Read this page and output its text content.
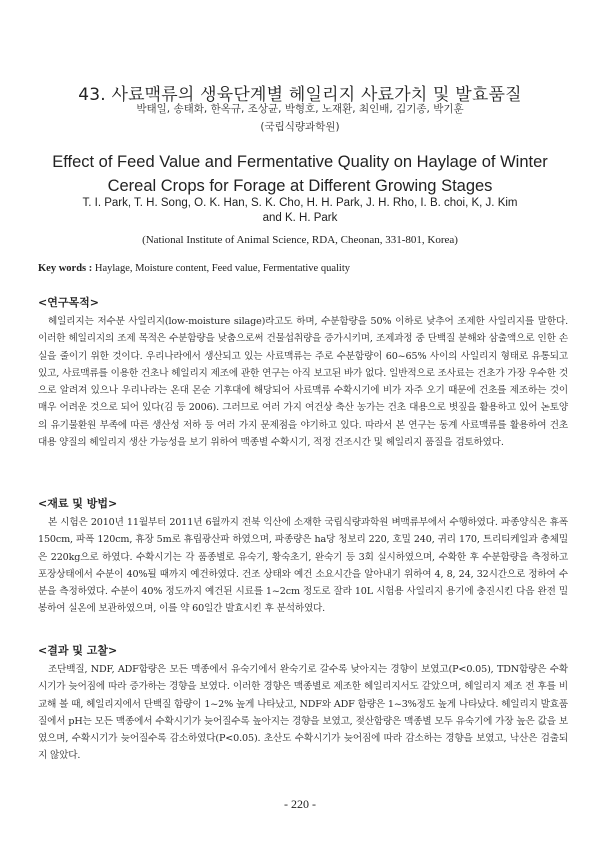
43. 사료맥류의 생육단계별 헤일리지 사료가치 및 발효품질
박태일, 송태화, 한옥규, 조상균, 박형호, 노재환, 최인배, 김기종, 박기훈
(국립식량과학원)
Effect of Feed Value and Fermentative Quality on Haylage of Winter
Cereal Crops for Forage at Different Growing Stages
T. I. Park, T. H. Song, O. K. Han, S. K. Cho, H. H. Park, J. H. Rho, I. B. choi, K, J. Kim
and K. H. Park
(National Institute of Animal Science, RDA, Cheonan, 331-801, Korea)
Key words : Haylage, Moisture content, Feed value, Fermentative quality
<연구목적>

헤일리지는 저수분 사일리지(low-moisture silage)라고도 하며, 수분함량을 50% 이하로 낮추어 조제한 사일리지를 말한다. 이러한 헤일리지의 조제 목적은 수분함량을 낮춤으로써 건물섭취량을 증가시키며, 조제과정 중 단백질 분해와 삼출액으로 인한 손실을 줄이기 위한 것이다. 우리나라에서 생산되고 있는 사료맥류는 주로 수분함량이 60~65% 사이의 사일리지 형태로 유통되고 있고, 사료맥류를 이용한 건초나 헤일리지 제조에 관한 연구는 아직 보고된 바가 없다. 일반적으로 조사료는 건초가 가장 우수한 것으로 알려져 있으나 우리나라는 온대 몬순 기후대에 해당되어 사료맥류 수확시기에 비가 자주 오기 때문에 건초를 제조하는 것이 매우 어려운 것으로 되어 있다(김 등 2006). 그러므로 여러 가지 여건상 축산 농가는 건초 대용으로 볏짚을 활용하고 있어 논토양의 유기물환원 부족에 따른 생산성 저하 등 여러 가지 문제점을 야기하고 있다. 따라서 본 연구는 동계 사료맥류를 활용하여 건초 대용 양질의 헤일리지 생산 가능성을 보기 위하여 맥종별 수확시기, 적정 건조시간 및 헤일리지 품질을 검토하였다.

<재료 및 방법>

본 시험은 2010년 11월부터 2011년 6월까지 전북 익산에 소재한 국립식량과학원 벼맥류부에서 수행하였다. 파종양식은 휴폭 150cm, 파폭 120cm, 휴장 5m로 휴립광산파 하였으며, 파종량은 ha당 청보리 220, 호밀 240, 귀리 170, 트리티케일과 총체밀은 220kg으로 하였다. 수확시기는 각 품종별로 유숙기, 황숙초기, 완숙기 등 3회 실시하였으며, 수확한 후 수분함량을 측정하고 포장상태에서 수분이 40%될 때까지 예건하였다. 건조 상태와 예건 소요시간을 알아내기 위하여 4, 8, 24, 32시간으로 정하여 수분을 측정하였다. 수분이 40% 정도까지 예건된 시료를 1~2cm 정도로 잘라 10L 시험용 사일리지 용기에 충진시킨 다음 완전 밀봉하여 실온에 보관하였으며, 이를 약 60일간 발효시킨 후 분석하였다.

<결과 및 고찰>

조단백질, NDF, ADF함량은 모든 맥종에서 유숙기에서 완숙기로 갈수록 낮아지는 경향이 보였고(P<0.05), TDN함량은 수확시기가 늦어짐에 따라 증가하는 경향을 보였다. 이러한 경향은 맥종별로 제조한 헤일리지서도 같았으며, 헤일리지 제조 전 후를 비교해 볼 때, 헤일리지에서 단백질 함량이 1~2% 높게 나타났고, NDF와 ADF 함량은 1~3%정도 높게 나타났다. 헤일리지 발효품질에서 pH는 모든 맥종에서 수확시기가 늦어질수록 높아지는 경향을 보였고, 젖산함량은 맥종별 모두 유숙기에 가장 높은 값을 보였으며, 수확시기가 늦어질수록 감소하였다(P<0.05). 초산도 수확시기가 늦어짐에 따라 감소하는 경향을 보였고, 낙산은 검출되지 않았다.

- 220 -
